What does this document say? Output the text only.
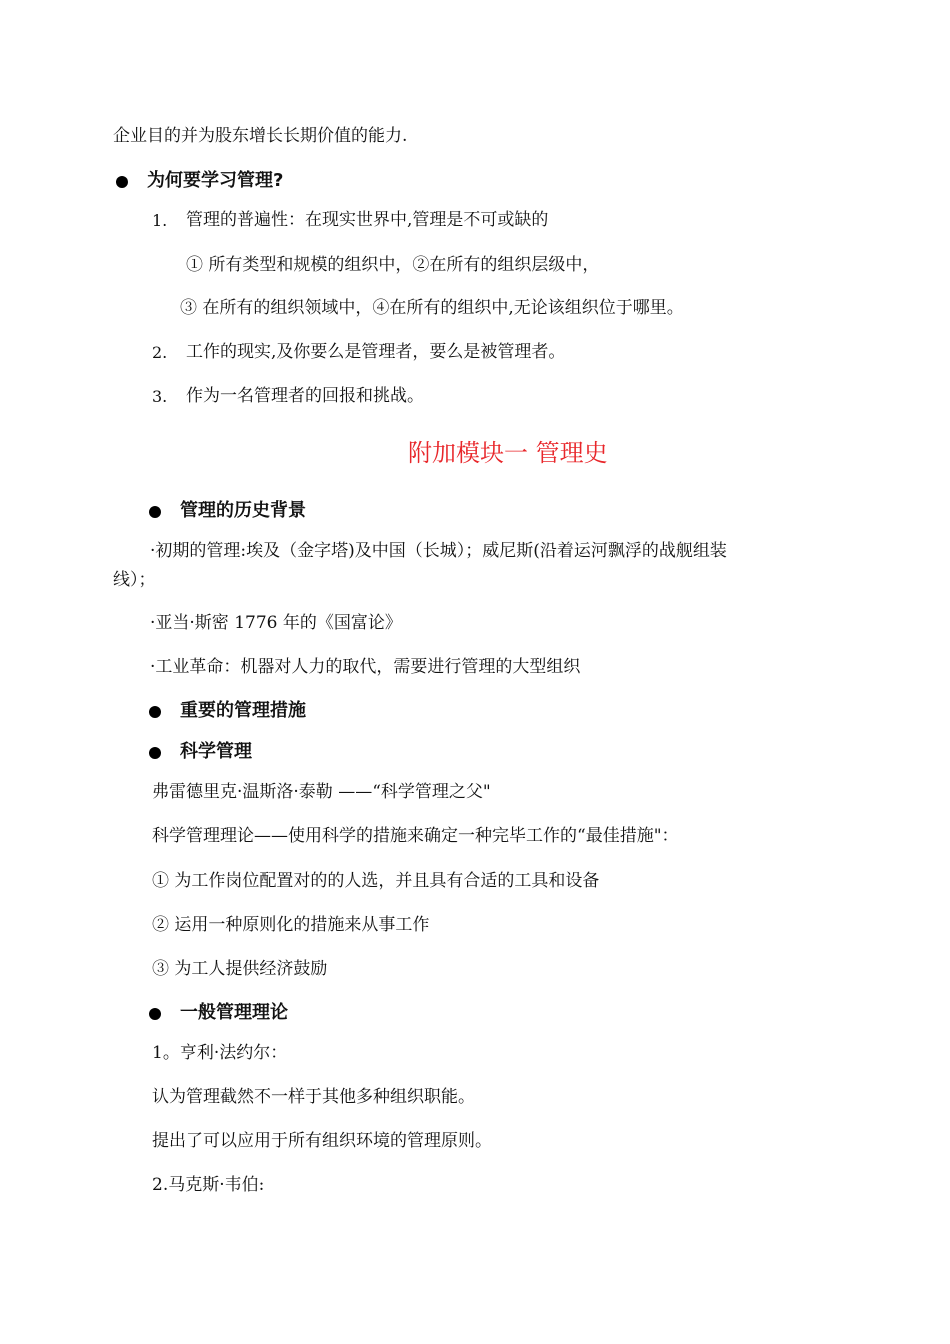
企业目的并为股东增长长期价值的能力.
为何要学习管理?
1. 管理的普遍性：在现实世界中,管理是不可或缺的
① 所有类型和规模的组织中，②在所有的组织层级中，
③ 在所有的组织领域中，④在所有的组织中,无论该组织位于哪里。
2. 工作的现实,及你要么是管理者，要么是被管理者。
3. 作为一名管理者的回报和挑战。
附加模块一 管理史
管理的历史背景
·初期的管理:埃及（金字塔)及中国（长城）；威尼斯(沿着运河飘浮的战舰组装
线）；
·亚当·斯密 1776 年的《国富论》
·工业革命：机器对人力的取代，需要进行管理的大型组织
重要的管理措施
科学管理
弗雷德里克·温斯洛·泰勒 ——“科学管理之父"
科学管理理论——使用科学的措施来确定一种完毕工作的“最佳措施"：
① 为工作岗位配置对的的人选，并且具有合适的工具和设备
② 运用一种原则化的措施来从事工作
③ 为工人提供经济鼓励
一般管理理论
1。亨利·法约尔：
认为管理截然不一样于其他多种组织职能。
提出了可以应用于所有组织环境的管理原则。
2.马克斯·韦伯:
